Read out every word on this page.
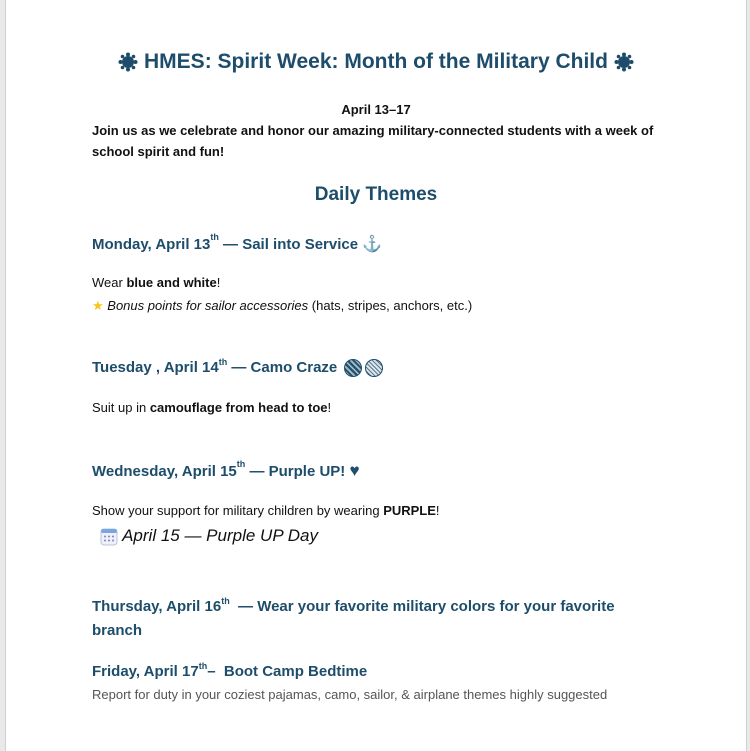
HMES: Spirit Week: Month of the Military Child
April 13–17
Join us as we celebrate and honor our amazing military-connected students with a week of
school spirit and fun!
Daily Themes
Monday, April 13th — Sail into Service ⚓
Wear blue and white!
★ Bonus points for sailor accessories (hats, stripes, anchors, etc.)
Tuesday , April 14th — Camo Craze
Suit up in camouflage from head to toe!
Wednesday, April 15th — Purple UP! ♥
Show your support for military children by wearing PURPLE!
April 15 — Purple UP Day
Thursday, April 16th  — Wear your favorite military colors for your favorite
branch
Friday, April 17th–  Boot Camp Bedtime
Report for duty in your coziest pajamas, camo, sailor, & airplane themes highly suggested
